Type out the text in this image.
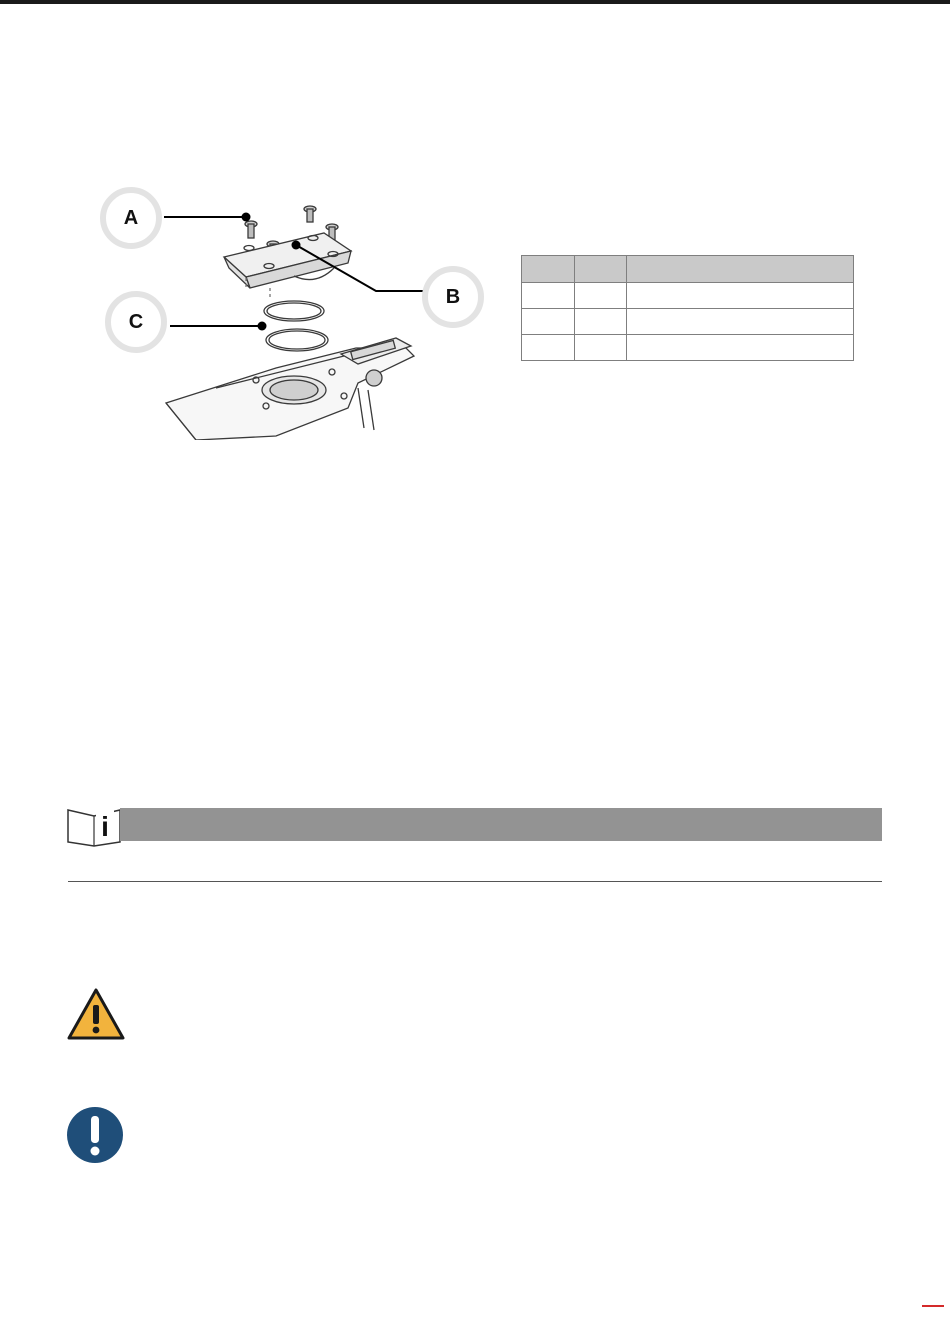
A
B
C

i
